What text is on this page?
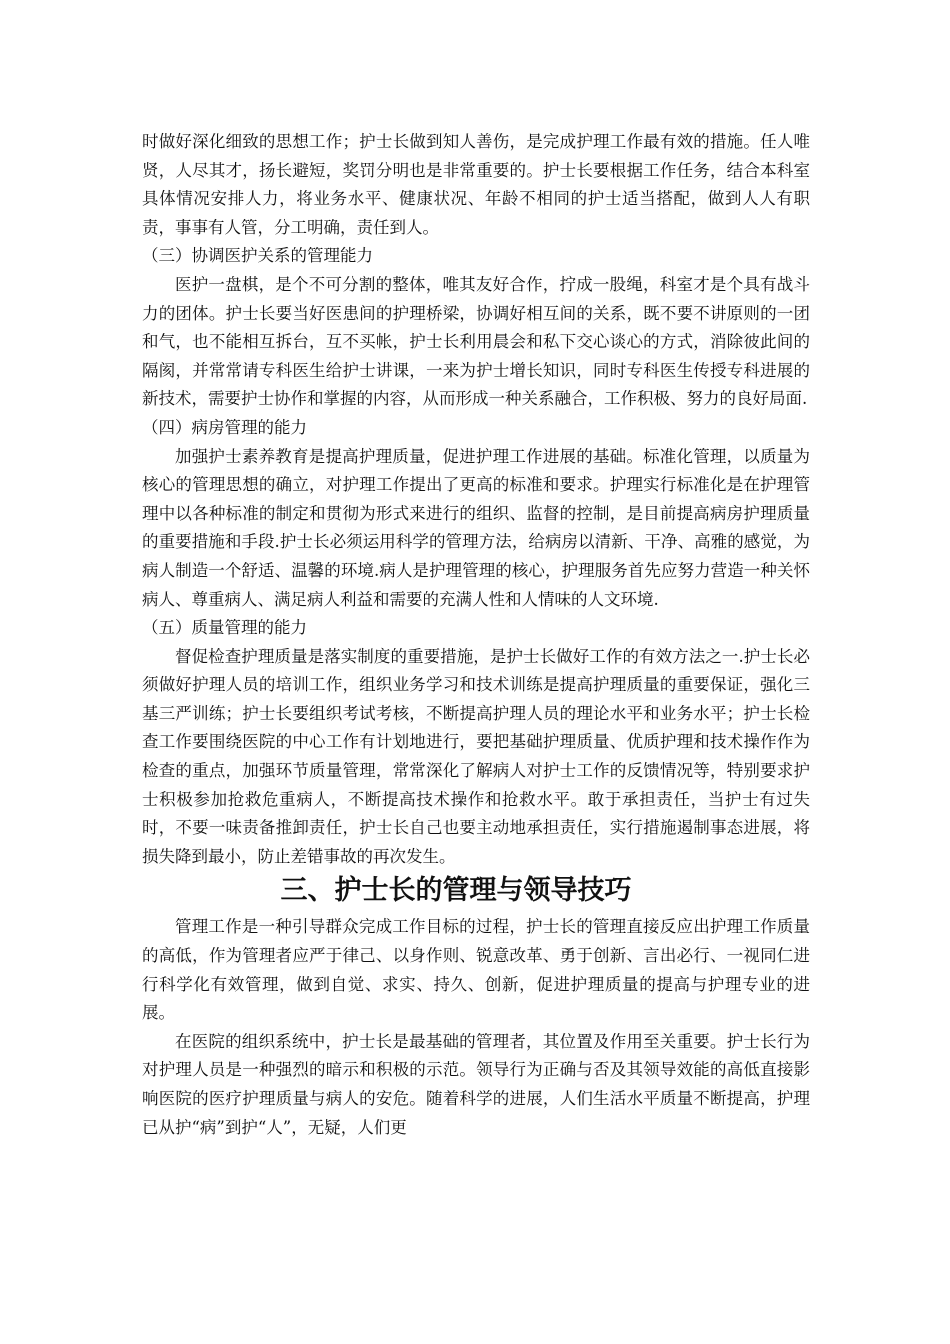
时做好深化细致的思想工作；护士长做到知人善伤，是完成护理工作最有效的措施。任人唯贤，人尽其才，扬长避短，奖罚分明也是非常重要的。护士长要根据工作任务，结合本科室具体情况安排人力，将业务水平、健康状况、年龄不相同的护士适当搭配，做到人人有职责，事事有人管，分工明确，责任到人。

（三）协调医护关系的管理能力

医护一盘棋，是个不可分割的整体，唯其友好合作，拧成一股绳，科室才是个具有战斗力的团体。护士长要当好医患间的护理桥梁，协调好相互间的关系，既不要不讲原则的一团和气，也不能相互拆台，互不买帐，护士长利用晨会和私下交心谈心的方式，消除彼此间的隔阂，并常常请专科医生给护士讲课，一来为护士增长知识，同时专科医生传授专科进展的新技术，需要护士协作和掌握的内容，从而形成一种关系融合，工作积极、努力的良好局面.

（四）病房管理的能力

加强护士素养教育是提高护理质量，促进护理工作进展的基础。标准化管理，以质量为核心的管理思想的确立，对护理工作提出了更高的标准和要求。护理实行标准化是在护理管理中以各种标准的制定和贯彻为形式来进行的组织、监督的控制，是目前提高病房护理质量的重要措施和手段.护士长必须运用科学的管理方法，给病房以清新、干净、高雅的感觉，为病人制造一个舒适、温馨的环境.病人是护理管理的核心，护理服务首先应努力营造一种关怀病人、尊重病人、满足病人利益和需要的充满人性和人情味的人文环境.

（五）质量管理的能力

督促检查护理质量是落实制度的重要措施，是护士长做好工作的有效方法之一.护士长必须做好护理人员的培训工作，组织业务学习和技术训练是提高护理质量的重要保证，强化三基三严训练；护士长要组织考试考核，不断提高护理人员的理论水平和业务水平；护士长检查工作要围绕医院的中心工作有计划地进行，要把基础护理质量、优质护理和技术操作作为检查的重点，加强环节质量管理，常常深化了解病人对护士工作的反馈情况等，特别要求护士积极参加抢救危重病人，不断提高技术操作和抢救水平。敢于承担责任，当护士有过失时，不要一味责备推卸责任，护士长自己也要主动地承担责任，实行措施遏制事态进展，将损失降到最小，防止差错事故的再次发生。

三、护士长的管理与领导技巧

管理工作是一种引导群众完成工作目标的过程，护士长的管理直接反应出护理工作质量的高低，作为管理者应严于律己、以身作则、锐意改革、勇于创新、言出必行、一视同仁进行科学化有效管理，做到自觉、求实、持久、创新，促进护理质量的提高与护理专业的进展。

在医院的组织系统中，护士长是最基础的管理者，其位置及作用至关重要。护士长行为对护理人员是一种强烈的暗示和积极的示范。领导行为正确与否及其领导效能的高低直接影响医院的医疗护理质量与病人的安危。随着科学的进展，人们生活水平质量不断提高，护理已从护“病”到护“人”，无疑，人们更
